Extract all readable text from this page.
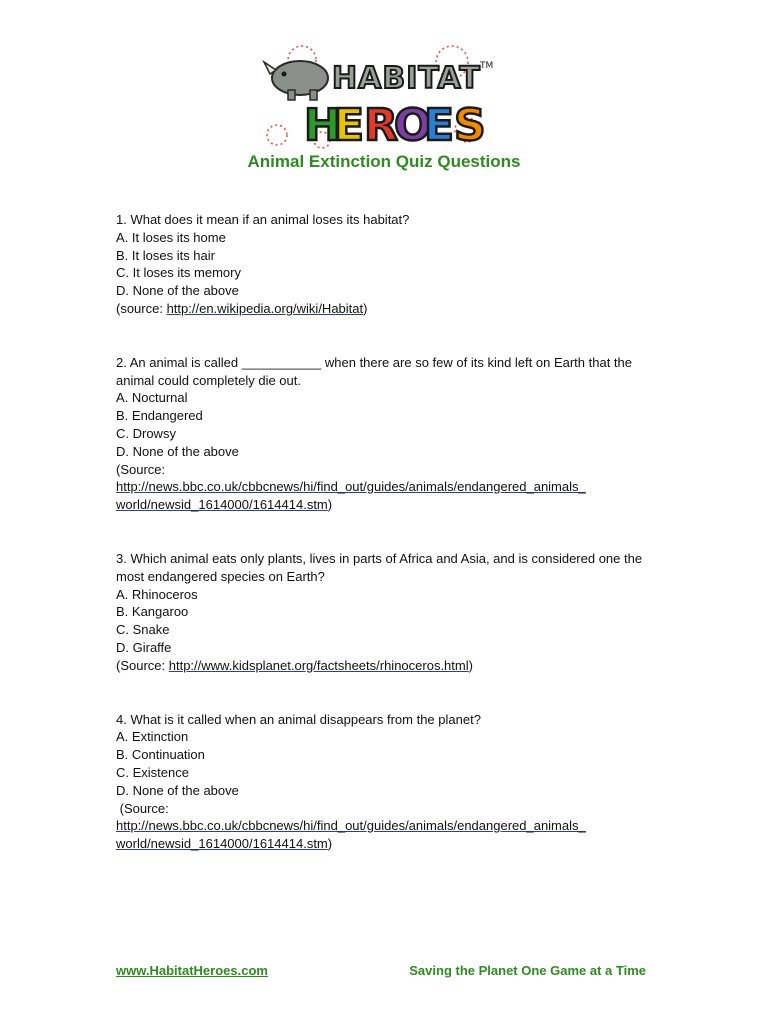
HABITAT TM
H
E R
O
E S
Animal Extinction Quiz Questions
1. What does it mean if an animal loses its habitat?
A. It loses its home
B. It loses its hair
C. It loses its memory
D. None of the above
(source: http://en.wikipedia.org/wiki/Habitat)
2. An animal is called ___________ when there are so few of its kind left on Earth that the animal could completely die out.
A. Nocturnal
B. Endangered
C. Drowsy
D. None of the above
(Source:
http://news.bbc.co.uk/cbbcnews/hi/find_out/guides/animals/endangered_animals_
world/newsid_1614000/1614414.stm)
3. Which animal eats only plants, lives in parts of Africa and Asia, and is considered one the most endangered species on Earth?
A. Rhinoceros
B. Kangaroo
C. Snake
D. Giraffe
(Source: http://www.kidsplanet.org/factsheets/rhinoceros.html)
4. What is it called when an animal disappears from the planet?
A. Extinction
B. Continuation
C. Existence
D. None of the above
(Source:
http://news.bbc.co.uk/cbbcnews/hi/find_out/guides/animals/endangered_animals_
world/newsid_1614000/1614414.stm)
www.HabitatHeroes.com	Saving the Planet One Game at a Time
